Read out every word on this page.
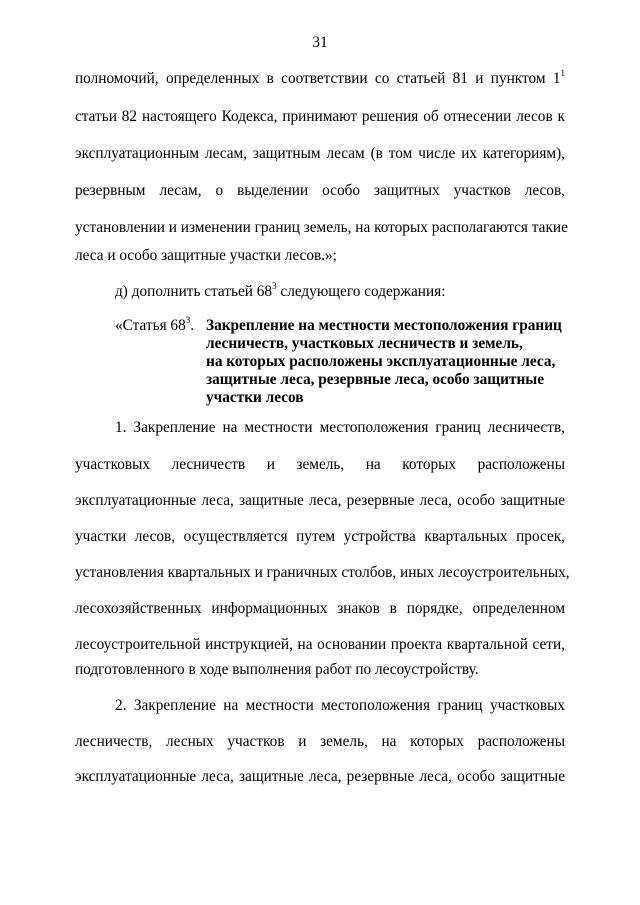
31
полномочий, определенных в соответствии со статьей 81 и пунктом $1^1$
статьи 82 настоящего Кодекса, принимают решения об отнесении лесов к
эксплуатационным лесам, защитным лесам (в том числе их категориям),
резервным лесам, о выделении особо защитных участков лесов,
установлении и изменении границ земель, на которых располагаются такие
леса и особо защитные участки лесов.»;
д) дополнить статьей $68^3$ следующего содержания:
«Статья $68^3$. Закрепление на местности местоположения границ
лесничеств, участковых лесничеств и земель,
на которых расположены эксплуатационные леса,
защитные леса, резервные леса, особо защитные
участки лесов
1. Закрепление на местности местоположения границ лесничеств,
участковых лесничеств и земель, на которых расположены
эксплуатационные леса, защитные леса, резервные леса, особо защитные
участки лесов, осуществляется путем устройства квартальных просек,
установления квартальных и граничных столбов, иных лесоустроительных,
лесохозяйственных информационных знаков в порядке, определенном
лесоустроительной инструкцией, на основании проекта квартальной сети,
подготовленного в ходе выполнения работ по лесоустройству.
2. Закрепление на местности местоположения границ участковых
лесничеств, лесных участков и земель, на которых расположены
эксплуатационные леса, защитные леса, резервные леса, особо защитные
